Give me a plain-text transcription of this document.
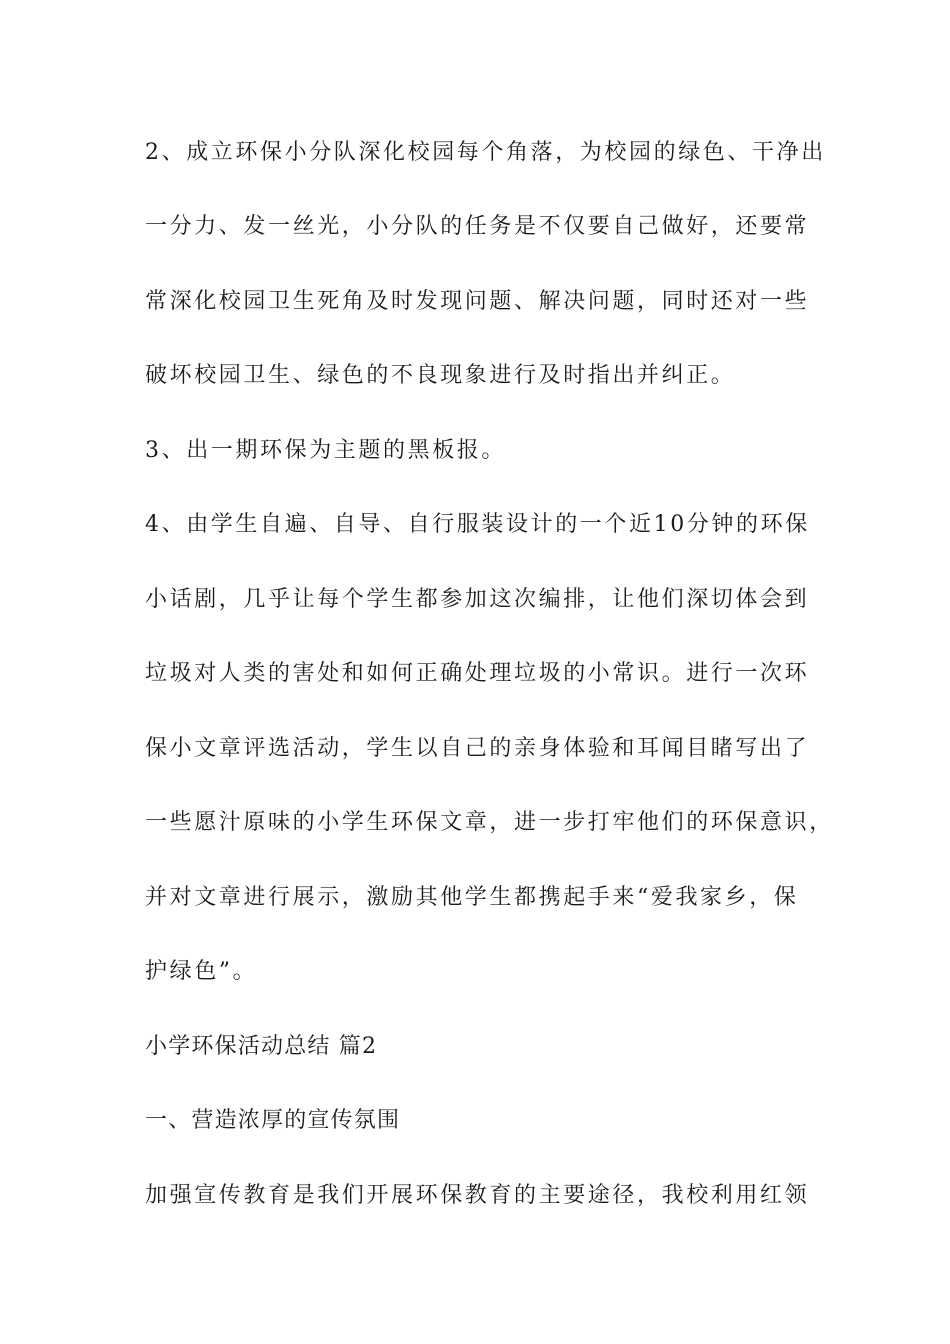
2、成立环保小分队深化校园每个角落，为校园的绿色、干净出

一分力、发一丝光，小分队的任务是不仅要自己做好，还要常

常深化校园卫生死角及时发现问题、解决问题，同时还对一些

破坏校园卫生、绿色的不良现象进行及时指出并纠正。

3、出一期环保为主题的黑板报。

4、由学生自遍、自导、自行服装设计的一个近10分钟的环保

小话剧，几乎让每个学生都参加这次编排，让他们深切体会到

垃圾对人类的害处和如何正确处理垃圾的小常识。进行一次环

保小文章评选活动，学生以自己的亲身体验和耳闻目睹写出了

一些愿汁原味的小学生环保文章，进一步打牢他们的环保意识，

并对文章进行展示，激励其他学生都携起手来“爱我家乡，保

护绿色”。

小学环保活动总结 篇2

一、营造浓厚的宣传氛围

加强宣传教育是我们开展环保教育的主要途径，我校利用红领
